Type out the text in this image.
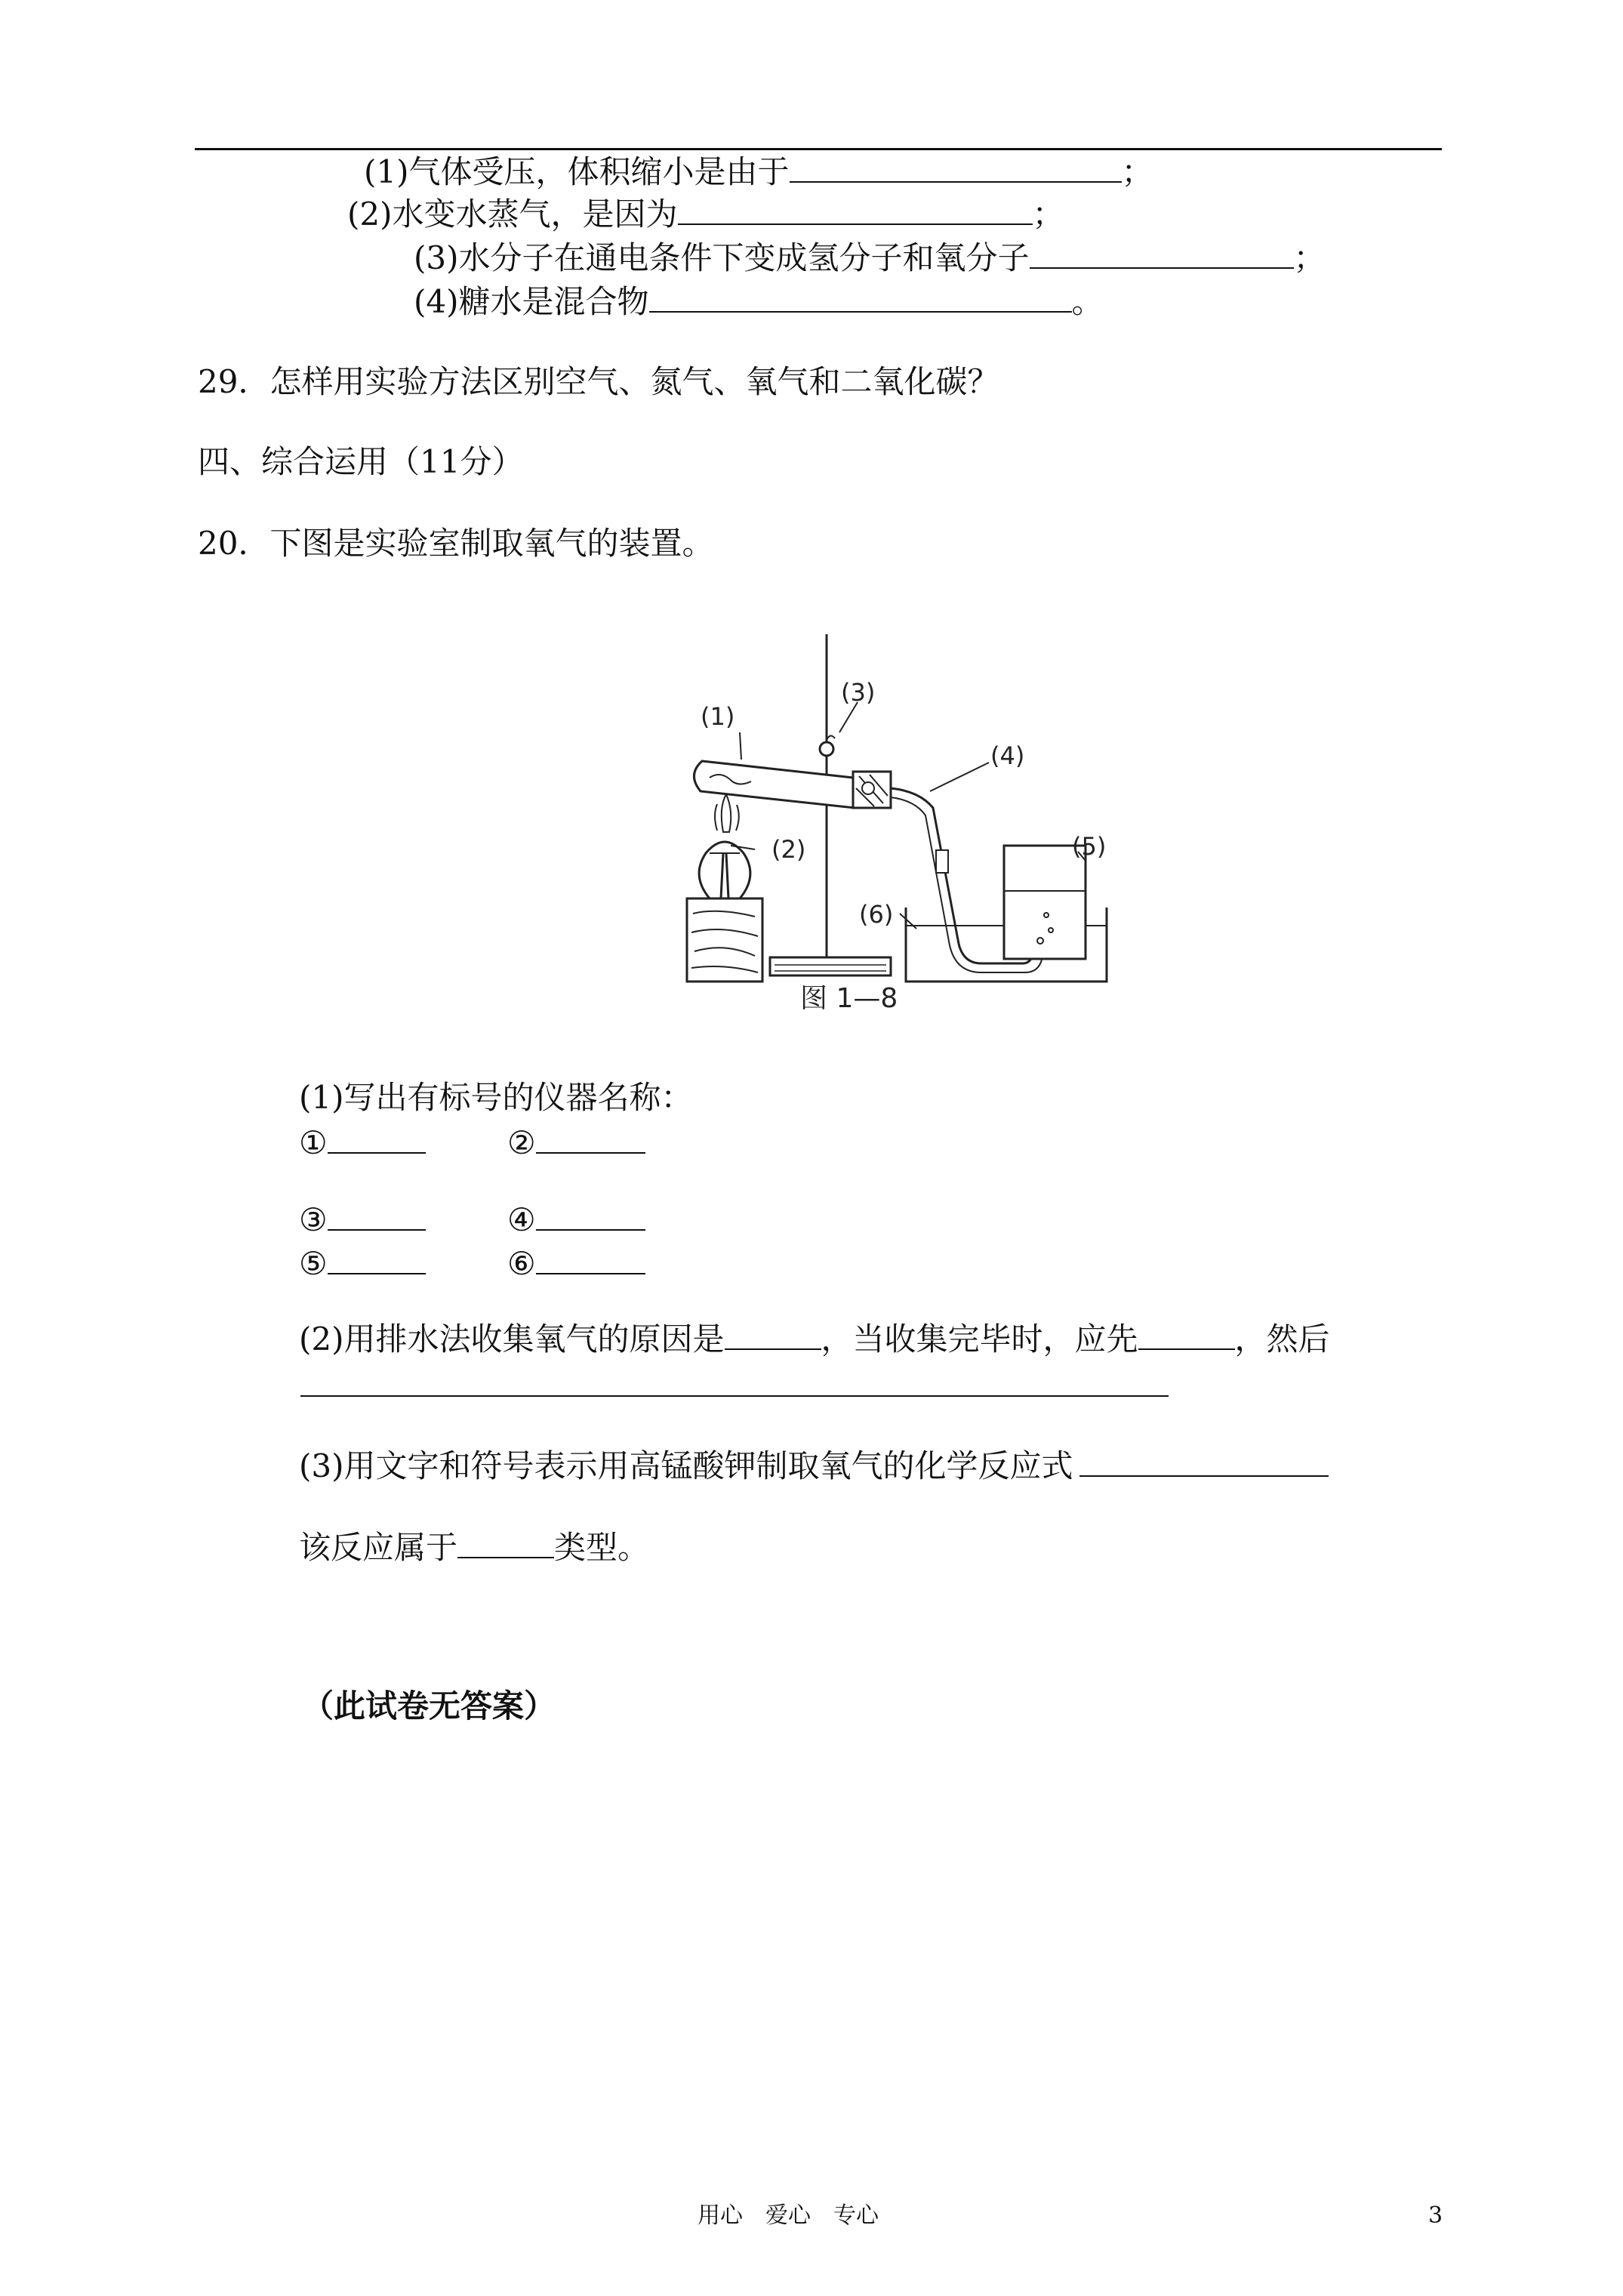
(1)气体受压，体积缩小是由于	；
(2)水变水蒸气，是因为	；
(3)水分子在通电条件下变成氢分子和氧分子	；
(4)糖水是混合物	。
29．怎样用实验方法区别空气、氮气、氧气和二氧化碳？
四、综合运用（11分）
20．下图是实验室制取氧气的装置。
(1)
(2)
(3)
(4)
(5)
(6)
图 1—8
(1)写出有标号的仪器名称：
①	②
③	④
⑤	⑥
(2)用排水法收集氧气的原因是	，当收集完毕时，应先	，然后
(3)用文字和符号表示用高锰酸钾制取氧气的化学反应式
该反应属于	类型。
（此试卷无答案）
用心　爱心　专心	3
